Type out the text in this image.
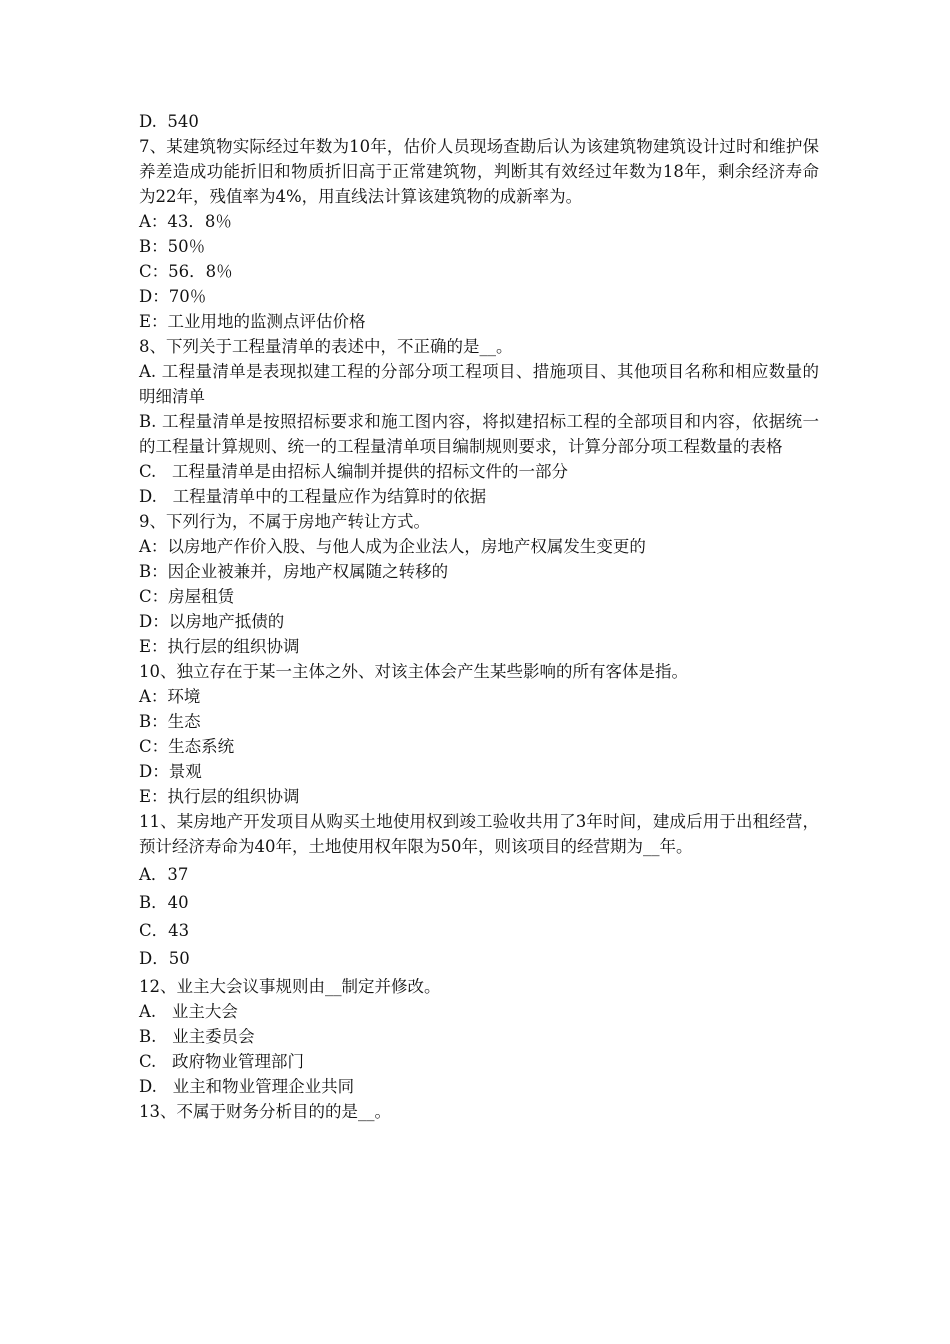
D.  540
7、某建筑物实际经过年数为10年，估价人员现场查勘后认为该建筑物建筑设计过时和维护保养差造成功能折旧和物质折旧高于正常建筑物，判断其有效经过年数为18年，剩余经济寿命为22年，残值率为4%，用直线法计算该建筑物的成新率为。
A：43．8％
B：50％
C：56．8％
D：70％
E：工业用地的监测点评估价格
8、下列关于工程量清单的表述中，不正确的是__。
A. 工程量清单是表现拟建工程的分部分项工程项目、措施项目、其他项目名称和相应数量的明细清单
B. 工程量清单是按照招标要求和施工图内容，将拟建招标工程的全部项目和内容，依据统一的工程量计算规则、统一的工程量清单项目编制规则要求，计算分部分项工程数量的表格
C.   工程量清单是由招标人编制并提供的招标文件的一部分
D.   工程量清单中的工程量应作为结算时的依据
9、下列行为，不属于房地产转让方式。
A：以房地产作价入股、与他人成为企业法人，房地产权属发生变更的
B：因企业被兼并，房地产权属随之转移的
C：房屋租赁
D：以房地产抵债的
E：执行层的组织协调
10、独立存在于某一主体之外、对该主体会产生某些影响的所有客体是指。
A：环境
B：生态
C：生态系统
D：景观
E：执行层的组织协调
11、某房地产开发项目从购买土地使用权到竣工验收共用了3年时间，建成后用于出租经营，预计经济寿命为40年，土地使用权年限为50年，则该项目的经营期为__年。
A．37
B．40
C．43
D．50
12、业主大会议事规则由__制定并修改。
A.   业主大会
B.   业主委员会
C.   政府物业管理部门
D.   业主和物业管理企业共同
13、不属于财务分析目的的是__。
